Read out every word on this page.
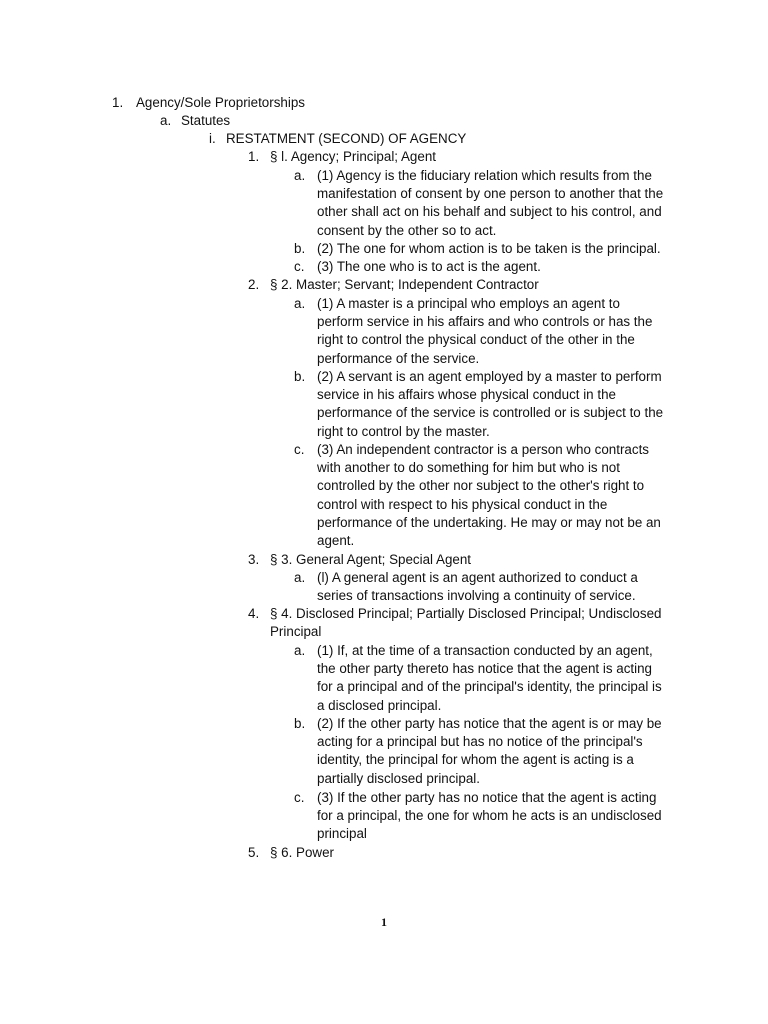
1. Agency/Sole Proprietorships
a. Statutes
i. RESTATMENT (SECOND) OF AGENCY
1. § l. Agency; Principal; Agent
a. (1) Agency is the fiduciary relation which results from the
manifestation of consent by one person to another that the
other shall act on his behalf and subject to his control, and
consent by the other so to act.
b. (2) The one for whom action is to be taken is the principal.
c. (3) The one who is to act is the agent.
2. § 2. Master; Servant; Independent Contractor
a. (1) A master is a principal who employs an agent to
perform service in his affairs and who controls or has the
right to control the physical conduct of the other in the
performance of the service.
b. (2) A servant is an agent employed by a master to perform
service in his affairs whose physical conduct in the
performance of the service is controlled or is subject to the
right to control by the master.
c. (3) An independent contractor is a person who contracts
with another to do something for him but who is not
controlled by the other nor subject to the other's right to
control with respect to his physical conduct in the
performance of the undertaking. He may or may not be an
agent.
3. § 3. General Agent; Special Agent
a. (l) A general agent is an agent authorized to conduct a
series of transactions involving a continuity of service.
4. § 4. Disclosed Principal; Partially Disclosed Principal; Undisclosed
Principal
a. (1) If, at the time of a transaction conducted by an agent,
the other party thereto has notice that the agent is acting
for a principal and of the principal's identity, the principal is
a disclosed principal.
b. (2) If the other party has notice that the agent is or may be
acting for a principal but has no notice of the principal's
identity, the principal for whom the agent is acting is a
partially disclosed principal.
c. (3) If the other party has no notice that the agent is acting
for a principal, the one for whom he acts is an undisclosed
principal
5. § 6. Power
1
